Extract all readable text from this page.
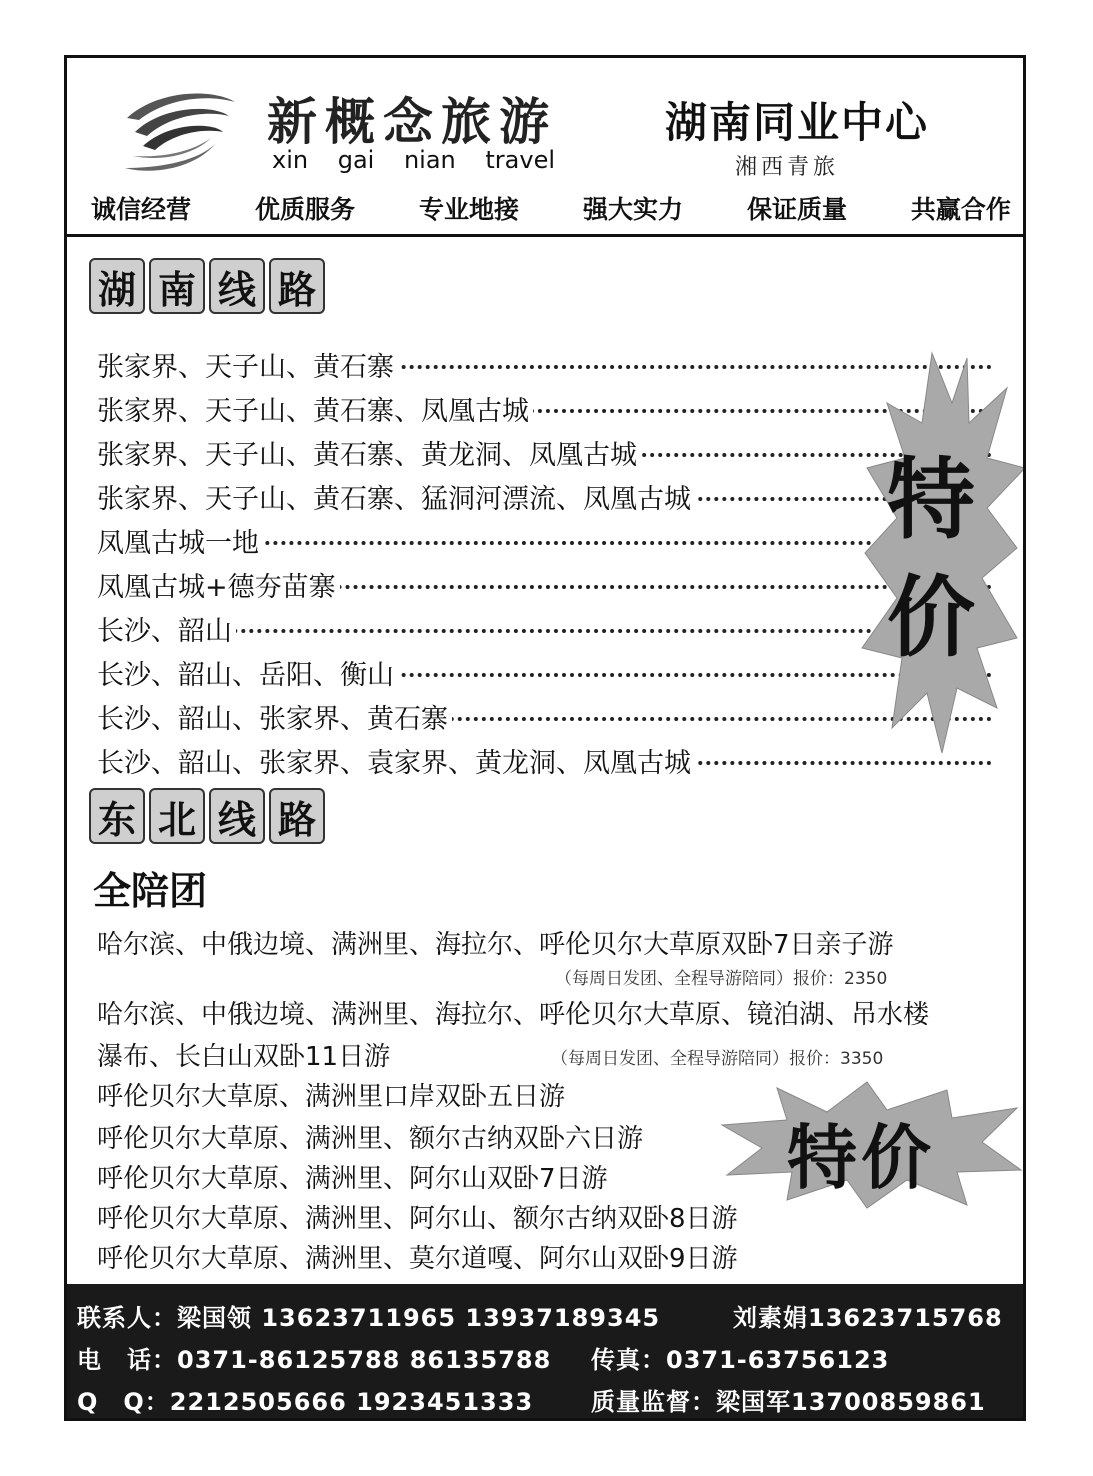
新概念旅游
xin gai nian travel
湖南同业中心
湘西青旅
诚信经营	优质服务	专业地接	强大实力	保证质量	共赢合作
湖 南 线 路
张家界、天子山、黄石寨
张家界、天子山、黄石寨、凤凰古城
张家界、天子山、黄石寨、黄龙洞、凤凰古城
张家界、天子山、黄石寨、猛洞河漂流、凤凰古城
凤凰古城一地
凤凰古城+德夯苗寨
长沙、韶山
长沙、韶山、岳阳、衡山
长沙、韶山、张家界、黄石寨
长沙、韶山、张家界、袁家界、黄龙洞、凤凰古城
特
价
东 北 线 路
全陪团
哈尔滨、中俄边境、满洲里、海拉尔、呼伦贝尔大草原双卧7日亲子游
（每周日发团、全程导游陪同）报价：2350
哈尔滨、中俄边境、满洲里、海拉尔、呼伦贝尔大草原、镜泊湖、吊水楼
瀑布、长白山双卧11日游	（每周日发团、全程导游陪同）报价：3350
呼伦贝尔大草原、满洲里口岸双卧五日游
呼伦贝尔大草原、满洲里、额尔古纳双卧六日游
呼伦贝尔大草原、满洲里、阿尔山双卧7日游
呼伦贝尔大草原、满洲里、阿尔山、额尔古纳双卧8日游
呼伦贝尔大草原、满洲里、莫尔道嘎、阿尔山双卧9日游
特价
联系人：梁国领 13623711965 13937189345	刘素娟13623715768
电　话：0371-86125788 86135788 传真：0371-63756123
Q　Q：2212505666 1923451333 质量监督：梁国军13700859861
